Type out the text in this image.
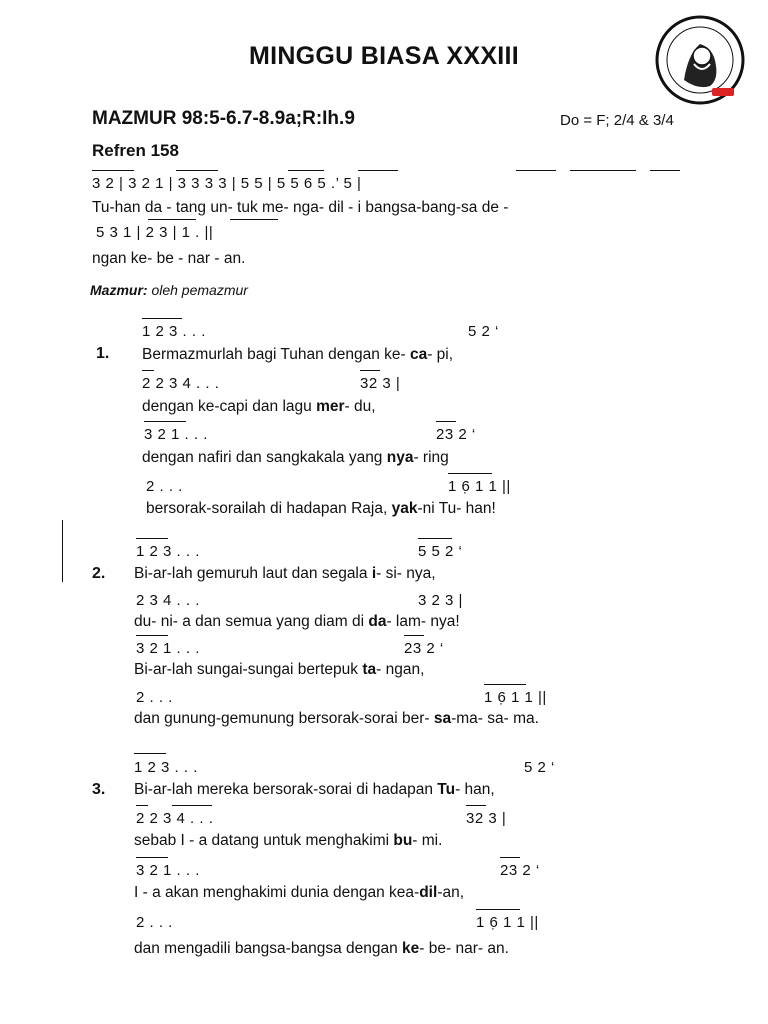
MINGGU BIASA XXXIII
MAZMUR 98:5-6.7-8.9a;R:Ih.9	Do = F; 2/4 & 3/4
Refren 158
3 2 | 3 2 1 | 3 3 3 3 | 5 5 | 5 5 6 5 .’ 5 |
Tu-han da - tang un- tuk me- nga- dil - i bangsa-bang-sa de -
5 3 1 | 2 3 | 1 . ||
ngan ke- be - nar - an.
Mazmur: oleh pemazmur
1 2 3 . . .	5 2 ‘
1. Bermazmurlah bagi Tuhan dengan ke- ca- pi,
2 2 3 4 . . .	32 3 |
dengan ke-capi dan lagu mer- du,
3 2 1 . . .	23 2 ‘
dengan nafiri dan sangkakala yang nya- ring
2 . . .	1 6̣ 1 1 ||
bersorak-sorailah di hadapan Raja, yak-ni Tu- han!
1 2 3 . . .	5 5 2 ‘
2. Bi-ar-lah gemuruh laut dan segala i- si- nya,
2 3 4 . . .	3 2 3 |
du- ni- a dan semua yang diam di da- lam- nya!
3 2 1 . . .	23 2 ‘
Bi-ar-lah sungai-sungai bertepuk ta- ngan,
2 . . .	1 6̣ 1 1 ||
dan gunung-gemunung bersorak-sorai ber- sa-ma- sa- ma.
1 2 3 . . .	5 2 ‘
3. Bi-ar-lah mereka bersorak-sorai di hadapan Tu- han,
2 2 3 4 . . .	32 3 |
sebab I - a datang untuk menghakimi bu- mi.
3 2 1 . . .	23 2 ‘
I - a akan menghakimi dunia dengan kea-dil-an,
2 . . .	1 6̣ 1 1 ||
dan mengadili bangsa-bangsa dengan ke- be- nar- an.
